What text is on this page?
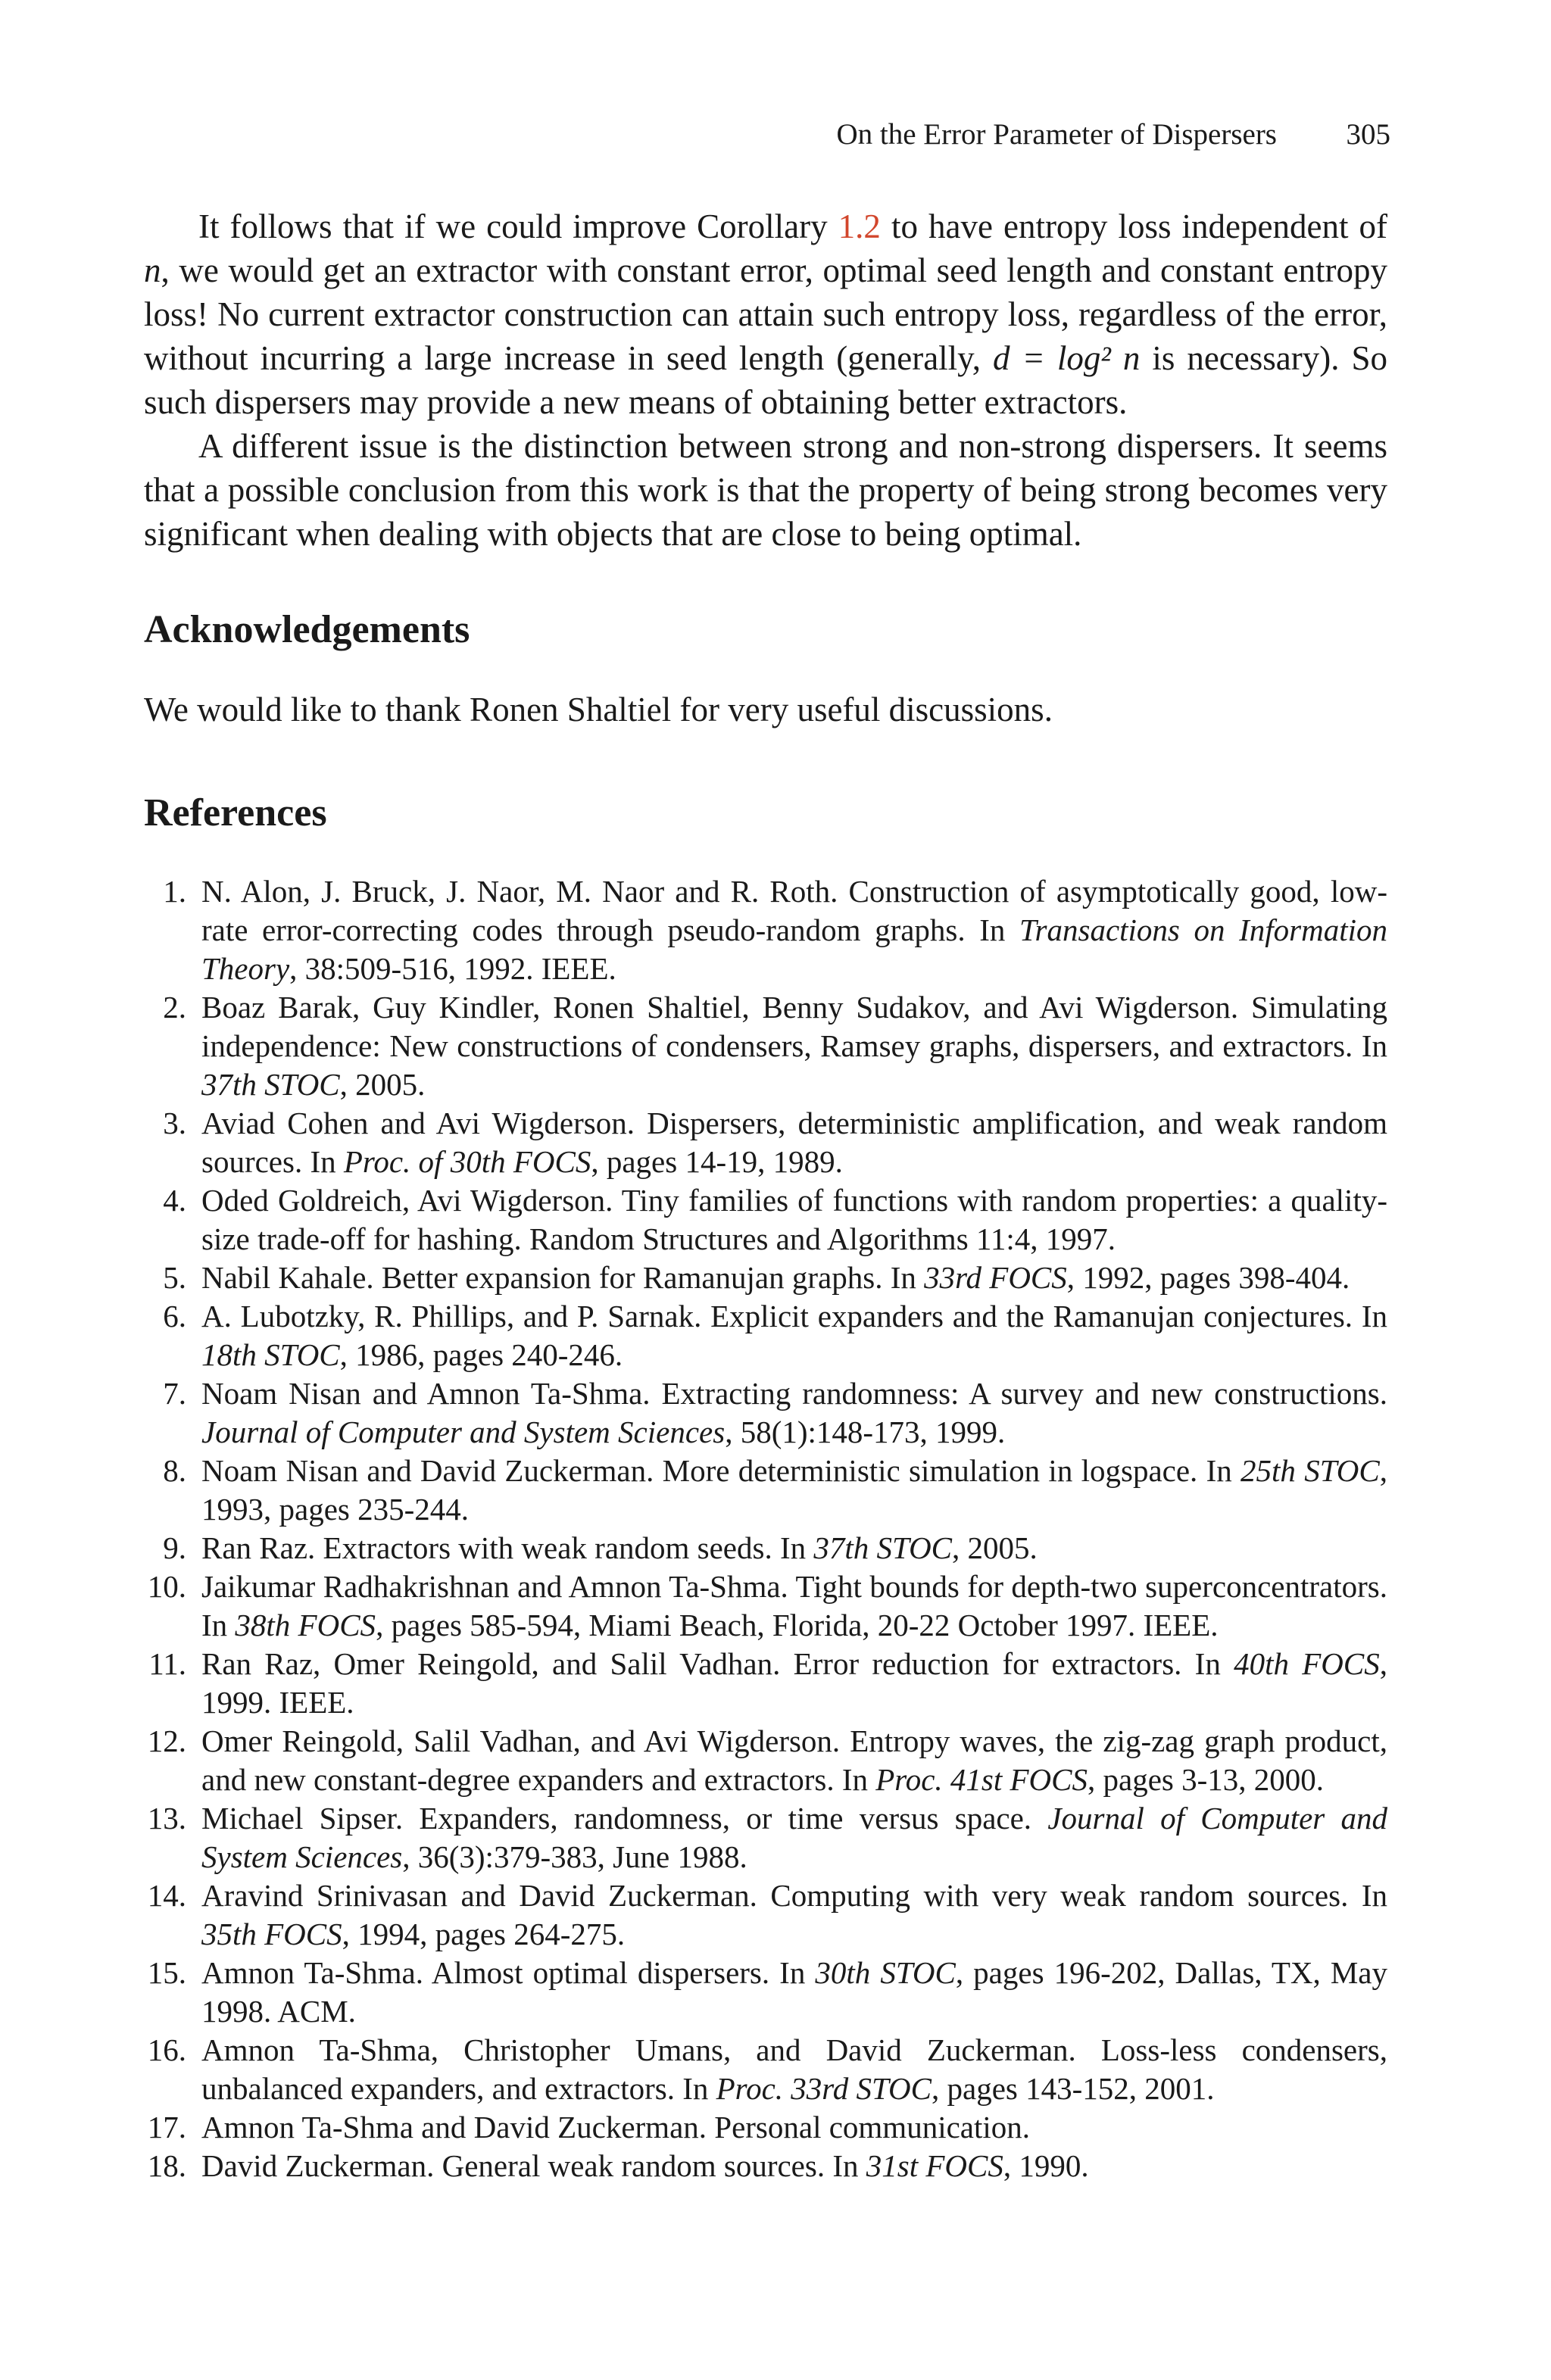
On the Error Parameter of Dispersers 305

It follows that if we could improve Corollary 1.2 to have entropy loss independent of n, we would get an extractor with constant error, optimal seed length and constant entropy loss! No current extractor construction can attain such entropy loss, regardless of the error, without incurring a large increase in seed length (generally, d = log² n is necessary). So such dispersers may provide a new means of obtaining better extractors.

A different issue is the distinction between strong and non-strong dispersers. It seems that a possible conclusion from this work is that the property of being strong becomes very significant when dealing with objects that are close to being optimal.

Acknowledgements

We would like to thank Ronen Shaltiel for very useful discussions.

References
1. N. Alon, J. Bruck, J. Naor, M. Naor and R. Roth. Construction of asymptotically good, low-rate error-correcting codes through pseudo-random graphs. In Transactions on Information Theory, 38:509-516, 1992. IEEE.
2. Boaz Barak, Guy Kindler, Ronen Shaltiel, Benny Sudakov, and Avi Wigderson. Simulating independence: New constructions of condensers, Ramsey graphs, dispersers, and extractors. In 37th STOC, 2005.
3. Aviad Cohen and Avi Wigderson. Dispersers, deterministic amplification, and weak random sources. In Proc. of 30th FOCS, pages 14-19, 1989.
4. Oded Goldreich, Avi Wigderson. Tiny families of functions with random properties: a quality-size trade-off for hashing. Random Structures and Algorithms 11:4, 1997.
5. Nabil Kahale. Better expansion for Ramanujan graphs. In 33rd FOCS, 1992, pages 398-404.
6. A. Lubotzky, R. Phillips, and P. Sarnak. Explicit expanders and the Ramanujan conjectures. In 18th STOC, 1986, pages 240-246.
7. Noam Nisan and Amnon Ta-Shma. Extracting randomness: A survey and new constructions. Journal of Computer and System Sciences, 58(1):148-173, 1999.
8. Noam Nisan and David Zuckerman. More deterministic simulation in logspace. In 25th STOC, 1993, pages 235-244.
9. Ran Raz. Extractors with weak random seeds. In 37th STOC, 2005.
10. Jaikumar Radhakrishnan and Amnon Ta-Shma. Tight bounds for depth-two superconcentrators. In 38th FOCS, pages 585-594, Miami Beach, Florida, 20-22 October 1997. IEEE.
11. Ran Raz, Omer Reingold, and Salil Vadhan. Error reduction for extractors. In 40th FOCS, 1999. IEEE.
12. Omer Reingold, Salil Vadhan, and Avi Wigderson. Entropy waves, the zig-zag graph product, and new constant-degree expanders and extractors. In Proc. 41st FOCS, pages 3-13, 2000.
13. Michael Sipser. Expanders, randomness, or time versus space. Journal of Computer and System Sciences, 36(3):379-383, June 1988.
14. Aravind Srinivasan and David Zuckerman. Computing with very weak random sources. In 35th FOCS, 1994, pages 264-275.
15. Amnon Ta-Shma. Almost optimal dispersers. In 30th STOC, pages 196-202, Dallas, TX, May 1998. ACM.
16. Amnon Ta-Shma, Christopher Umans, and David Zuckerman. Loss-less condensers, unbalanced expanders, and extractors. In Proc. 33rd STOC, pages 143-152, 2001.
17. Amnon Ta-Shma and David Zuckerman. Personal communication.
18. David Zuckerman. General weak random sources. In 31st FOCS, 1990.
